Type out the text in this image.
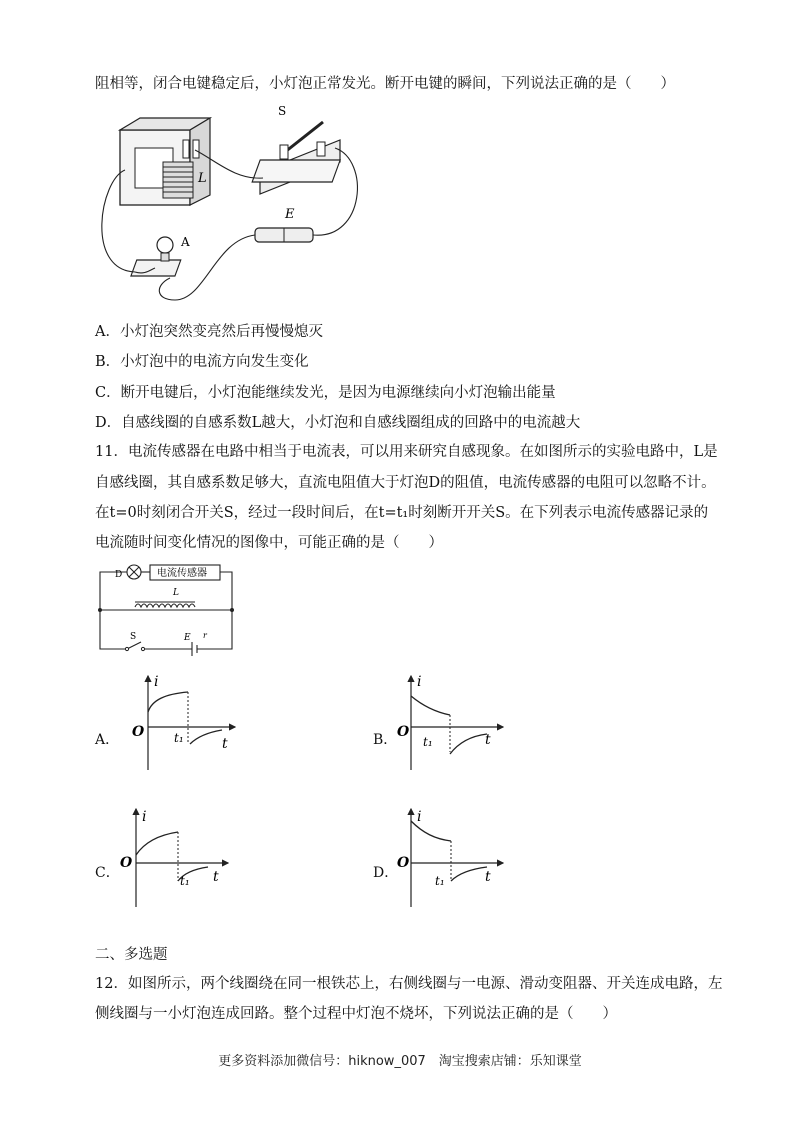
阻相等，闭合电键稳定后，小灯泡正常发光。断开电键的瞬间，下列说法正确的是（　　）
S
L
E
A
A．小灯泡突然变亮然后再慢慢熄灭
B．小灯泡中的电流方向发生变化
C．断开电键后，小灯泡能继续发光，是因为电源继续向小灯泡输出能量
D．自感线圈的自感系数L越大，小灯泡和自感线圈组成的回路中的电流越大
11．电流传感器在电路中相当于电流表，可以用来研究自感现象。在如图所示的实验电路中，L是
自感线圈，其自感系数足够大，直流电阻值大于灯泡D的阻值，电流传感器的电阻可以忽略不计。
在t=0时刻闭合开关S，经过一段时间后，在t=t₁时刻断开开关S。在下列表示电流传感器记录的
电流随时间变化情况的图像中，可能正确的是（　　）
D	电流传感器
L
S	E r
A．
i
t
O t₁	B．
i
t
O
t₁
C．
i
t
O
t₁	D．
i
t
O
t₁
二、多选题
12．如图所示，两个线圈绕在同一根铁芯上，右侧线圈与一电源、滑动变阻器、开关连成电路，左
侧线圈与一小灯泡连成回路。整个过程中灯泡不烧坏，下列说法正确的是（　　）
更多资料添加微信号：hiknow_007　淘宝搜索店铺：乐知课堂
